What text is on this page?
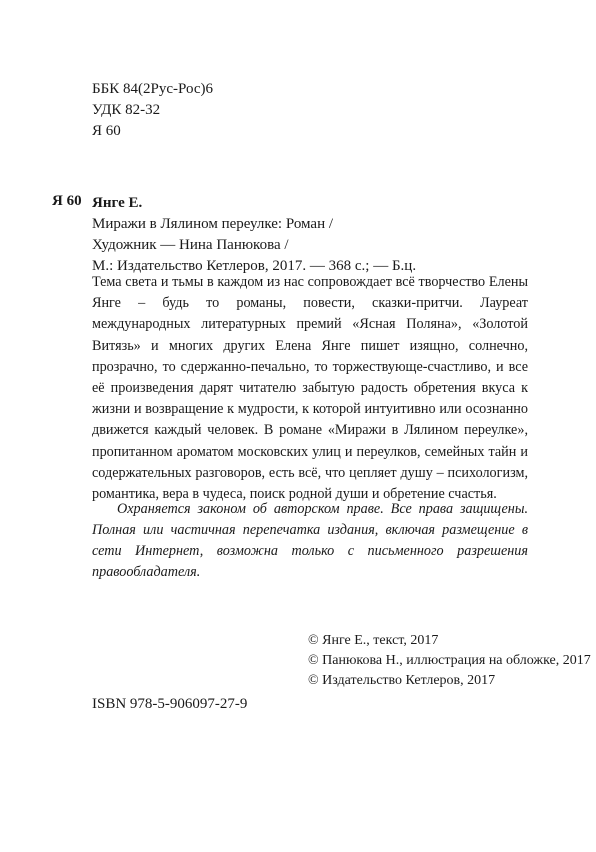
ББК 84(2Рус-Рос)6
УДК 82-32
Я 60
Я 60 Янге Е.
Миражи в Лялином переулке: Роман /
Художник — Нина Панюкова /
М.: Издательство Кетлеров, 2017. — 368 с.; — Б.ц.

Тема света и тьмы в каждом из нас сопровождает всё творчество Елены Янге – будь то романы, повести, сказки-притчи. Лауреат международных литературных премий «Ясная Поляна», «Золотой Витязь» и многих других Елена Янге пишет изящно, солнечно, прозрачно, то сдержанно-печально, то торжествующе-счастливо, и все её произведения дарят читателю забытую радость обретения вкуса к жизни и возвращение к мудрости, к которой интуитивно или осознанно движется каждый человек. В романе «Миражи в Лялином переулке», пропитанном ароматом московских улиц и переулков, семейных тайн и содержательных разговоров, есть всё, что цепляет душу – психологизм, романтика, вера в чудеса, поиск родной души и обретение счастья.

Охраняется законом об авторском праве. Все права защищены. Полная или частичная перепечатка издания, включая размещение в сети Интернет, возможна только с письменного разрешения правообладателя.

© Янге Е., текст, 2017
© Панюкова Н., иллюстрация на обложке, 2017
© Издательство Кетлеров, 2017
ISBN 978-5-906097-27-9
